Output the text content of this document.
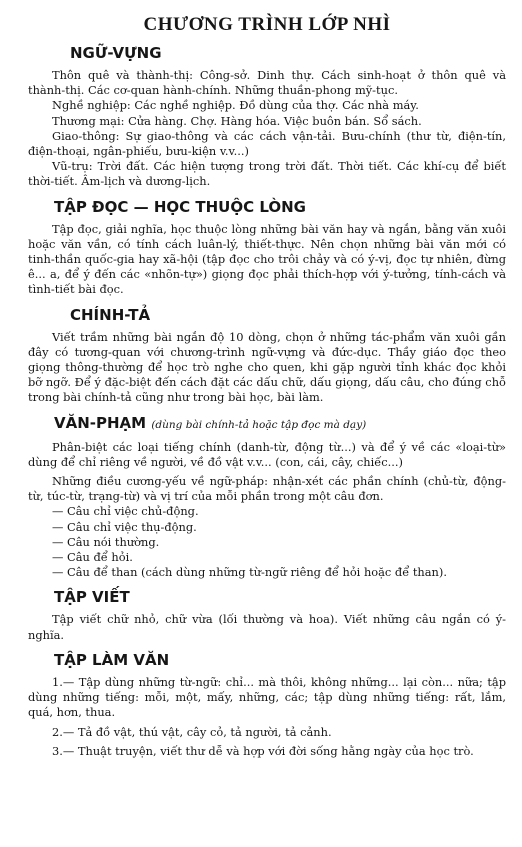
CHƯƠNG TRÌNH LỚP NHÌ
NGỮ-VỰNG

Thôn quê và thành-thị: Công-sở. Dinh thự. Cách sinh-hoạt ở thôn quê và thành-thị. Các cơ-quan hành-chính. Những thuần-phong mỹ-tục.

Nghề nghiệp: Các nghề nghiệp. Đồ dùng của thợ. Các nhà máy.

Thương mại: Cửa hàng. Chợ. Hàng hóa. Việc buôn bán. Sổ sách.

Giao-thông: Sự giao-thông và các cách vận-tải. Bưu-chính (thư từ, điện-tín, điện-thoại, ngân-phiếu, bưu-kiện v.v...)

Vũ-trụ: Trời đất. Các hiện tượng trong trời đất. Thời tiết. Các khí-cụ để biết thời-tiết. Âm-lịch và dương-lịch.

TẬP ĐỌC — HỌC THUỘC LÒNG

Tập đọc, giải nghĩa, học thuộc lòng những bài văn hay và ngắn, bằng văn xuôi hoặc văn vần, có tính cách luân-lý, thiết-thực. Nên chọn những bài văn mới có tinh-thần quốc-gia hay xã-hội (tập đọc cho trôi chảy và có ý-vị, đọc tự nhiên, đừng ê... a, để ý đến các «nhõn-tự») giọng đọc phải thích-hợp với ý-tưởng, tính-cách và tình-tiết bài đọc.

CHÍNH-TẢ

Viết trầm những bài ngắn độ 10 dòng, chọn ở những tác-phẩm văn xuôi gần đây có tương-quan với chương-trình ngữ-vựng và đức-dục. Thầy giáo đọc theo giọng thông-thường để học trò nghe cho quen, khi gặp người tỉnh khác đọc khỏi bỡ ngỡ. Để ý đặc-biệt đến cách đặt các dấu chữ, dấu giọng, dấu câu, cho đúng chỗ trong bài chính-tả cũng như trong bài học, bài làm.

VĂN-PHẠM (dùng bài chính-tả hoặc tập đọc mà dạy)

Phân-biệt các loại tiếng chính (danh-từ, động từ...) và để ý về các «loại-từ» dùng để chỉ riêng về người, về đồ vật v.v... (con, cái, cây, chiếc...)

Những điều cương-yếu về ngữ-pháp: nhận-xét các phần chính (chủ-từ, động-từ, túc-từ, trạng-từ) và vị trí của mỗi phần trong một câu đơn.

— Câu chỉ việc chủ-động.

— Câu chỉ việc thụ-động.

— Câu nói thường.

— Câu để hỏi.

— Câu để than (cách dùng những từ-ngữ riêng để hỏi hoặc để than).

TẬP VIẾT

Tập viết chữ nhỏ, chữ vừa (lối thường và hoa). Viết những câu ngắn có ý-nghĩa.

TẬP LÀM VĂN

1.— Tập dùng những từ-ngữ: chỉ... mà thôi, không những... lại còn... nữa; tập dùng những tiếng: mỗi, một, mấy, những, các; tập dùng những tiếng: rất, lắm, quá, hơn, thua.

2.— Tả đồ vật, thú vật, cây cỏ, tả người, tả cảnh.

3.— Thuật truyện, viết thư dễ và hợp với đời sống hằng ngày của học trò.
